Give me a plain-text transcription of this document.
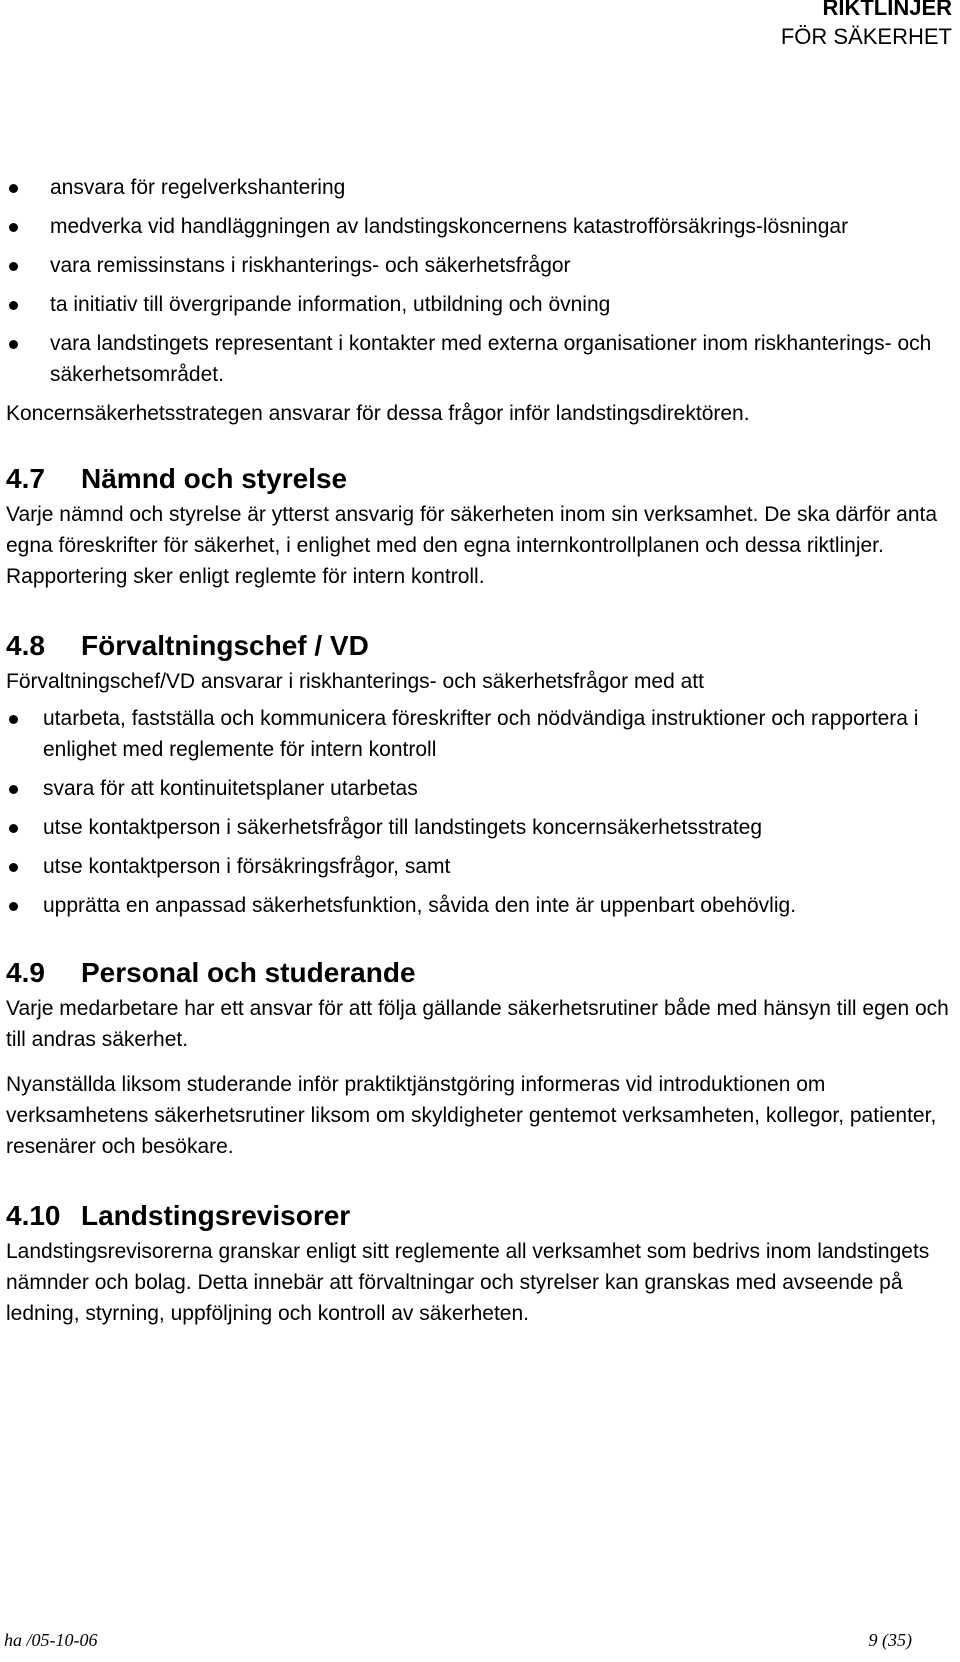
RIKTLINJER
FÖR SÄKERHET
ansvara för regelverkshantering
medverka vid handläggningen av landstingskoncernens katastrofförsäkrings-lösningar
vara remissinstans i riskhanterings- och säkerhetsfrågor
ta initiativ till övergripande information, utbildning och övning
vara landstingets representant i kontakter med externa organisationer inom riskhanterings- och säkerhetsområdet.

Koncernsäkerhetsstrategen ansvarar för dessa frågor inför landstingsdirektören.

4.7 Nämnd och styrelse

Varje nämnd och styrelse är ytterst ansvarig för säkerheten inom sin verksamhet. De ska därför anta egna föreskrifter för säkerhet, i enlighet med den egna internkontrollplanen och dessa riktlinjer. Rapportering sker enligt reglemte för intern kontroll.

4.8 Förvaltningschef / VD

Förvaltningschef/VD ansvarar i riskhanterings- och säkerhetsfrågor med att

utarbeta, fastställa och kommunicera föreskrifter och nödvändiga instruktioner och rapportera i enlighet med reglemente för intern kontroll
svara för att kontinuitetsplaner utarbetas
utse kontaktperson i säkerhetsfrågor till landstingets koncernsäkerhetsstrateg
utse kontaktperson i försäkringsfrågor, samt
upprätta en anpassad säkerhetsfunktion, såvida den inte är uppenbart obehövlig.
4.9 Personal och studerande

Varje medarbetare har ett ansvar för att följa gällande säkerhetsrutiner både med hänsyn till egen och till andras säkerhet.

Nyanställda liksom studerande inför praktiktjänstgöring informeras vid introduktionen om verksamhetens säkerhetsrutiner liksom om skyldigheter gentemot verksamheten, kollegor, patienter, resenärer och besökare.

4.10 Landstingsrevisorer

Landstingsrevisorerna granskar enligt sitt reglemente all verksamhet som bedrivs inom landstingets nämnder och bolag. Detta innebär att förvaltningar och styrelser kan granskas med avseende på ledning, styrning, uppföljning och kontroll av säkerheten.

ha /05-10-06	9 (35)
